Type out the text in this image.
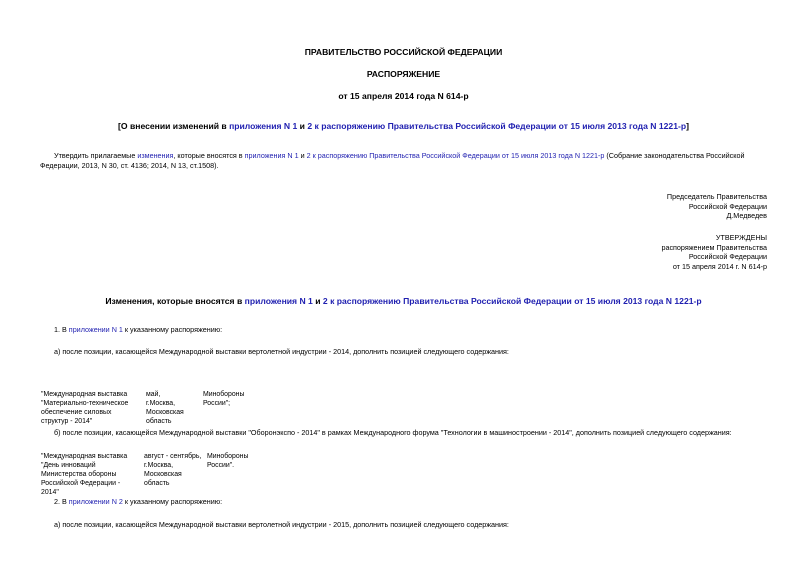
ПРАВИТЕЛЬСТВО РОССИЙСКОЙ ФЕДЕРАЦИИ
РАСПОРЯЖЕНИЕ
от 15 апреля 2014 года N 614-р
[О внесении изменений в приложения N 1 и 2 к распоряжению Правительства Российской Федерации от 15 июля 2013 года N 1221-р]
Утвердить прилагаемые изменения, которые вносятся в приложения N 1 и 2 к распоряжению Правительства Российской Федерации от 15 июля 2013 года N 1221-р (Собрание законодательства Российской Федерации, 2013, N 30, ст. 4136; 2014, N 13, ст.1508).
Председатель Правительства
Российской Федерации
Д.Медведев
УТВЕРЖДЕНЫ
распоряжением Правительства
Российской Федерации
от 15 апреля 2014 г. N 614-р
Изменения, которые вносятся в приложения N 1 и 2 к распоряжению Правительства Российской Федерации от 15 июля 2013 года N 1221-р
1. В приложении N 1 к указанному распоряжению:
а) после позиции, касающейся Международной выставки вертолетной индустрии - 2014, дополнить позицией следующего содержания:
"Международная выставка
"Материально-техническое
обеспечение силовых
структур - 2014"
май,
г.Москва,
Московская
область
Минобороны
России";
б) после позиции, касающейся Международной выставки "Оборонэкспо - 2014" в рамках Международного форума "Технологии в машиностроении - 2014", дополнить позицией следующего содержания:
"Международная выставка
"День инноваций
Министерства обороны
Российской Федерации -
2014"
август - сентябрь,
г.Москва,
Московская
область
Минобороны
России".
2. В приложении N 2 к указанному распоряжению:
а) после позиции, касающейся Международной выставки вертолетной индустрии - 2015, дополнить позицией следующего содержания:
